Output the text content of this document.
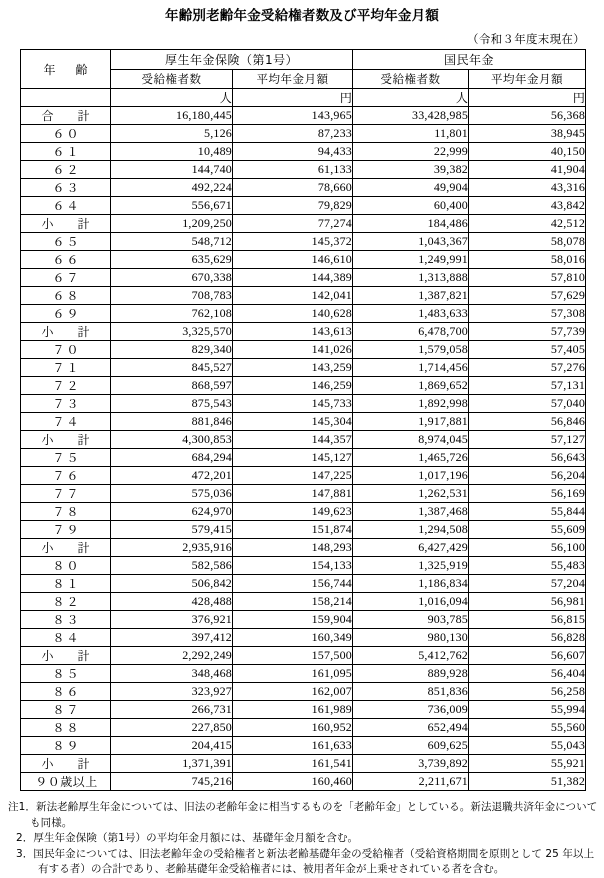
年齢別老齢年金受給権者数及び平均年金月額
（令和３年度末現在）
年　齢	厚生年金保険（第1号）		国民年金	
	受給権者数	平均年金月額	受給権者数	平均年金月額
	人	円	人	円
合　計	16,180,445	143,965	33,428,985	56,368
６０	5,126	87,233	11,801	38,945
６１	10,489	94,433	22,999	40,150
６２	144,740	61,133	39,382	41,904
６３	492,224	78,660	49,904	43,316
６４	556,671	79,829	60,400	43,842
小　計	1,209,250	77,274	184,486	42,512
６５	548,712	145,372	1,043,367	58,078
６６	635,629	146,610	1,249,991	58,016
６７	670,338	144,389	1,313,888	57,810
６８	708,783	142,041	1,387,821	57,629
６９	762,108	140,628	1,483,633	57,308
小　計	3,325,570	143,613	6,478,700	57,739
７０	829,340	141,026	1,579,058	57,405
７１	845,527	143,259	1,714,456	57,276
７２	868,597	146,259	1,869,652	57,131
７３	875,543	145,733	1,892,998	57,040
７４	881,846	145,304	1,917,881	56,846
小　計	4,300,853	144,357	8,974,045	57,127
７５	684,294	145,127	1,465,726	56,643
７６	472,201	147,225	1,017,196	56,204
７７	575,036	147,881	1,262,531	56,169
７８	624,970	149,623	1,387,468	55,844
７９	579,415	151,874	1,294,508	55,609
小　計	2,935,916	148,293	6,427,429	56,100
８０	582,586	154,133	1,325,919	55,483
８１	506,842	156,744	1,186,834	57,204
８２	428,488	158,214	1,016,094	56,981
８３	376,921	159,904	903,785	56,815
８４	397,412	160,349	980,130	56,828
小　計	2,292,249	157,500	5,412,762	56,607
８５	348,468	161,095	889,928	56,404
８６	323,927	162,007	851,836	56,258
８７	266,731	161,989	736,009	55,994
８８	227,850	160,952	652,494	55,560
８９	204,415	161,633	609,625	55,043
小　計	1,371,391	161,541	3,739,892	55,921
９０歳以上	745,216	160,460	2,211,671	51,382

注1．新法老齢厚生年金については、旧法の老齢年金に相当するものを「老齢年金」としている。新法退職共済年金についても同様。

2．厚生年金保険（第1号）の平均年金月額には、基礎年金月額を含む。

3．国民年金については、旧法老齢年金の受給権者と新法老齢基礎年金の受給権者（受給資格期間を原則として 25 年以上有する者）の合計であり、老齢基礎年金受給権者には、被用者年金が上乗せされている者を含む。
